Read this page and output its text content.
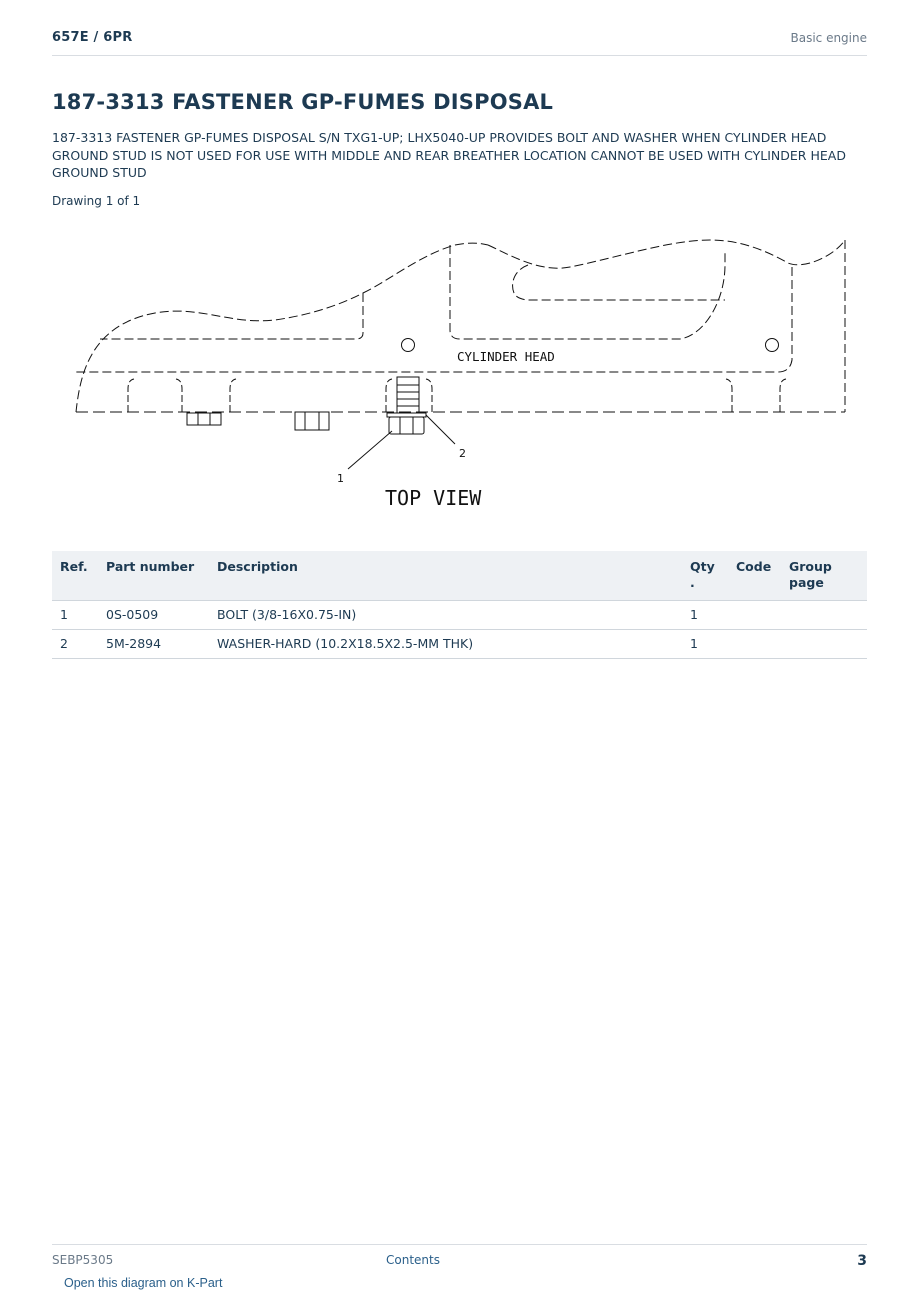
657E / 6PR	Basic engine
187-3313 FASTENER GP-FUMES DISPOSAL

187-3313 FASTENER GP-FUMES DISPOSAL S/N TXG1-UP; LHX5040-UP PROVIDES BOLT AND WASHER WHEN CYLINDER HEAD GROUND STUD IS NOT USED FOR USE WITH MIDDLE AND REAR BREATHER LOCATION CANNOT BE USED WITH CYLINDER HEAD GROUND STUD

Drawing 1 of 1
1
2
CYLINDER HEAD
TOP VIEW
Ref.	Part number	Description	Qty .	Code	Group page
1	0S-0509	BOLT (3/8-16X0.75-IN)	1		
2	5M-2894	WASHER-HARD (10.2X18.5X2.5-MM THK)	1		
SEBP5305	Contents	3
Open this diagram on K-Part
